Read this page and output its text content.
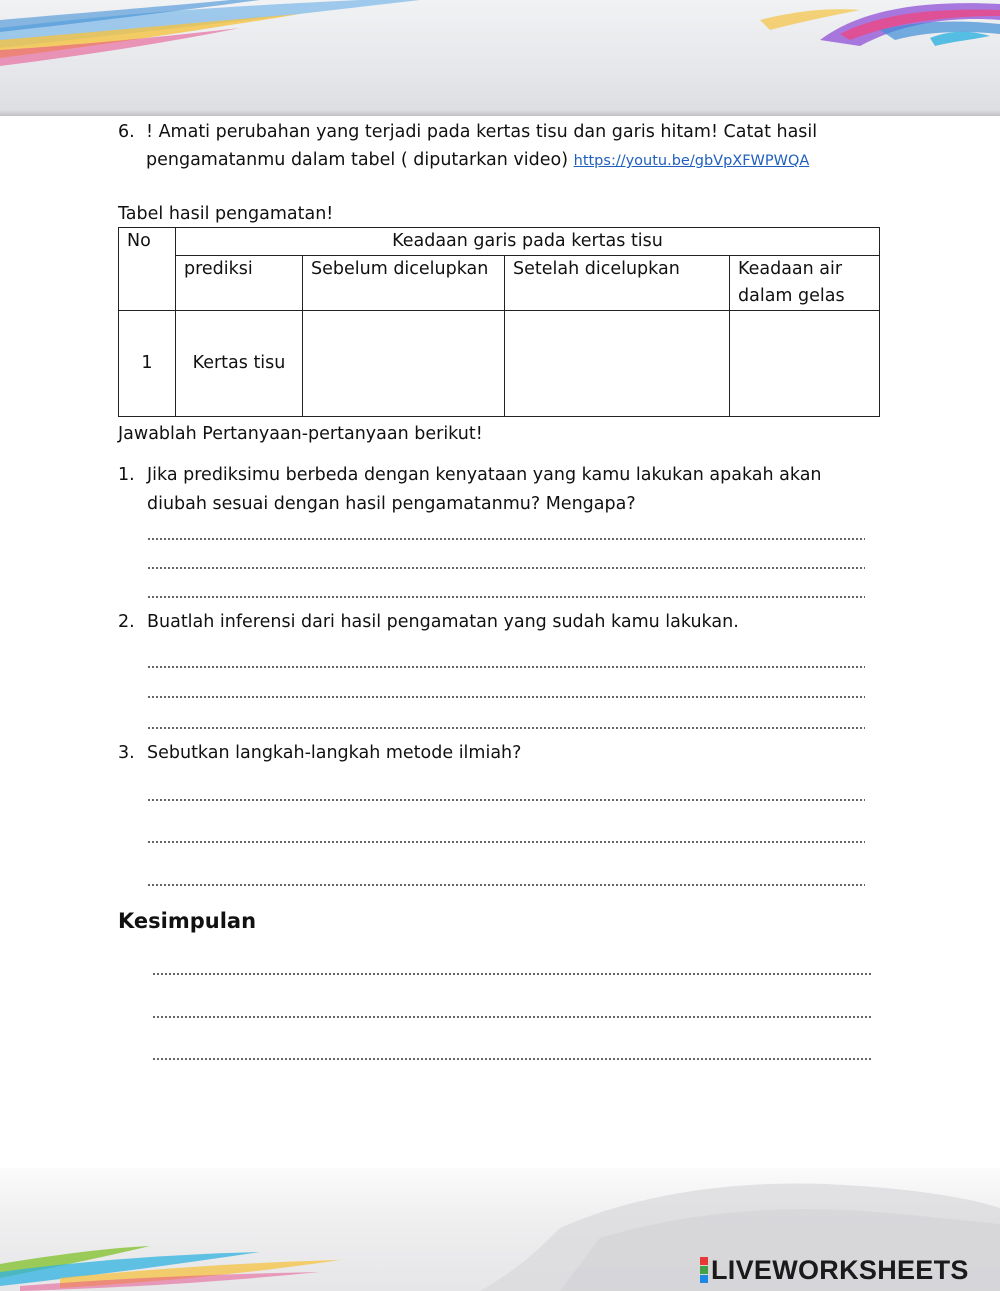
6. ! Amati perubahan yang terjadi pada kertas tisu dan garis hitam! Catat hasil
pengamatanmu dalam tabel ( diputarkan video) https://youtu.be/gbVpXFWPWQA
Tabel hasil pengamatan!
No	Keadaan garis pada kertas tisu			
	prediksi	Sebelum dicelupkan	Setelah dicelupkan	Keadaan air dalam gelas
1	Kertas tisu			
Jawablah Pertanyaan-pertanyaan berikut!
1. Jika prediksimu berbeda dengan kenyataan yang kamu lakukan apakah akan
diubah sesuai dengan hasil pengamatanmu? Mengapa?
2. Buatlah inferensi dari hasil pengamatan yang sudah kamu lakukan.
3. Sebutkan langkah-langkah metode ilmiah?
Kesimpulan
LIVEWORKSHEETS
